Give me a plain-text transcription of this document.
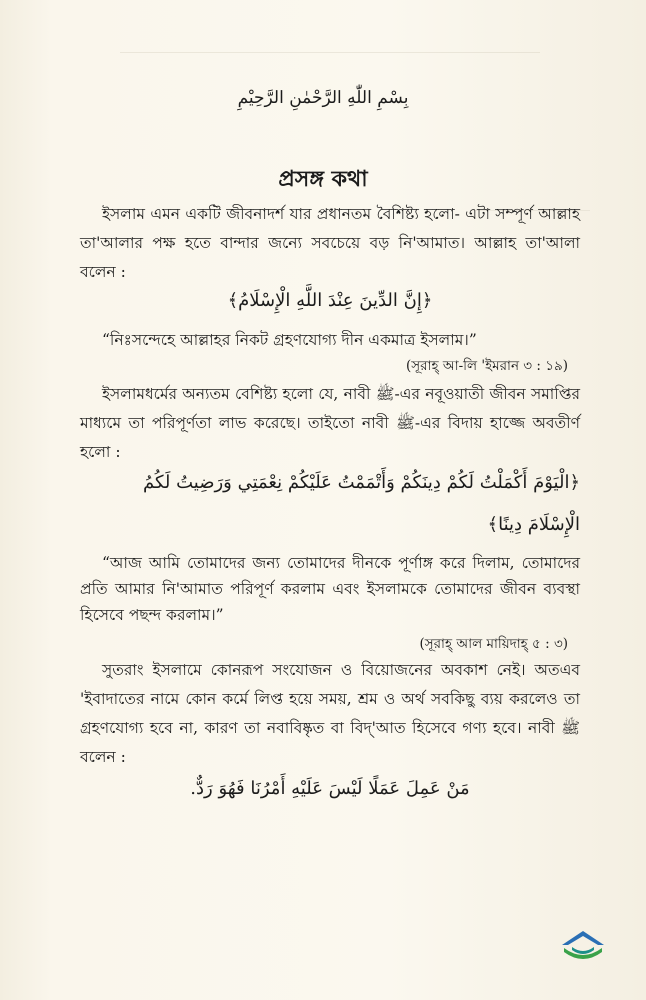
بِسْمِ اللّٰهِ الرَّحْمٰنِ الرَّحِيْمِ
প্রসঙ্গ কথা
ইসলাম এমন একটি জীবনাদর্শ যার প্রধানতম বৈশিষ্ট্য হলো- এটা সম্পূর্ণ আল্লাহ তা'আলার পক্ষ হতে বান্দার জন্যে সবচেয়ে বড় নি'আমাত। আল্লাহ তা'আলা বলেন :
﴿إِنَّ الدِّينَ عِنْدَ اللَّهِ الْإِسْلَامُ﴾
“নিঃসন্দেহে আল্লাহর নিকট গ্রহণযোগ্য দীন একমাত্র ইসলাম।”
(সূরাহ্ আ-লি 'ইমরান ৩ : ১৯)
ইসলামধর্মের অন্যতম বেশিষ্ট্য হলো যে, নাবী ﷺ-এর নবূওয়াতী জীবন সমাপ্তির মাধ্যমে তা পরিপূর্ণতা লাভ করেছে। তাইতো নাবী ﷺ-এর বিদায় হাজ্জে অবতীর্ণ হলো :
﴿الْيَوْمَ أَكْمَلْتُ لَكُمْ دِينَكُمْ وَأَتْمَمْتُ عَلَيْكُمْ نِعْمَتِي وَرَضِيتُ لَكُمُ
الْإِسْلَامَ دِينًا﴾
“আজ আমি তোমাদের জন্য তোমাদের দীনকে পূর্ণাঙ্গ করে দিলাম, তোমাদের প্রতি আমার নি'আমাত পরিপূর্ণ করলাম এবং ইসলামকে তোমাদের জীবন ব্যবস্থা হিসেবে পছন্দ করলাম।”
(সূরাহ্ আল মায়িদাহ্ ৫ : ৩)
সুতরাং ইসলামে কোনরূপ সংযোজন ও বিয়োজনের অবকাশ নেই। অতএব 'ইবাদাতের নামে কোন কর্মে লিপ্ত হয়ে সময়, শ্রম ও অর্থ সবকিছু ব্যয় করলেও তা গ্রহণযোগ্য হবে না, কারণ তা নবাবিষ্কৃত বা বিদ্'আত হিসেবে গণ্য হবে। নাবী ﷺ বলেন :
مَنْ عَمِلَ عَمَلًا لَيْسَ عَلَيْهِ أَمْرُنَا فَهُوَ رَدٌّ.
